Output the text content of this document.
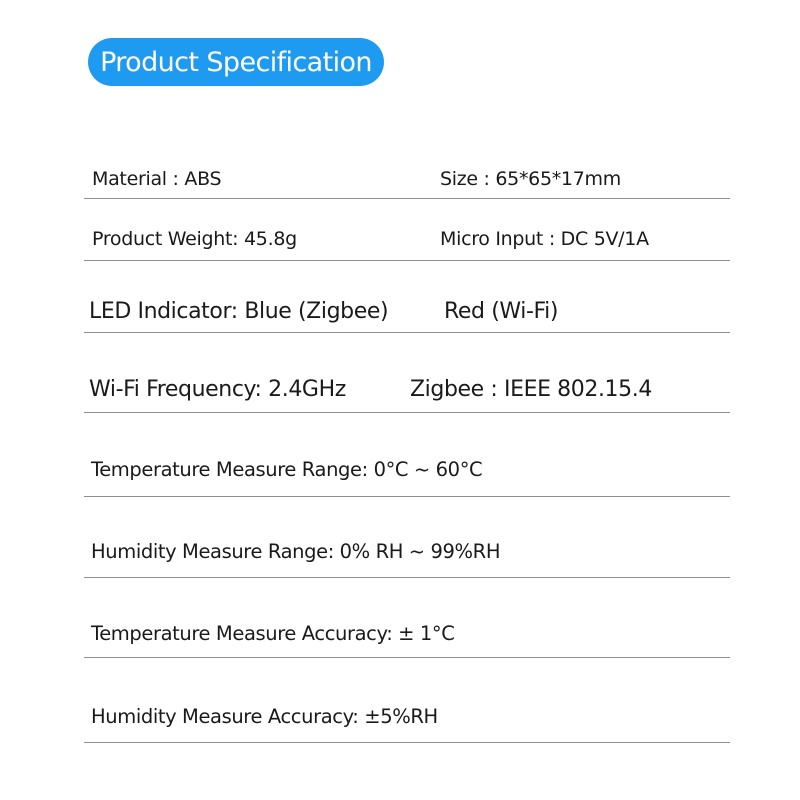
Product Specification
Material : ABS	Size : 65*65*17mm
Product Weight: 45.8g	Micro Input : DC 5V/1A
LED Indicator: Blue (Zigbee)	Red (Wi-Fi)
Wi-Fi Frequency: 2.4GHz	Zigbee : IEEE 802.15.4
Temperature Measure Range: 0°C ~ 60°C
Humidity Measure Range: 0% RH ~ 99%RH
Temperature Measure Accuracy: ± 1°C
Humidity Measure Accuracy: ±5%RH
